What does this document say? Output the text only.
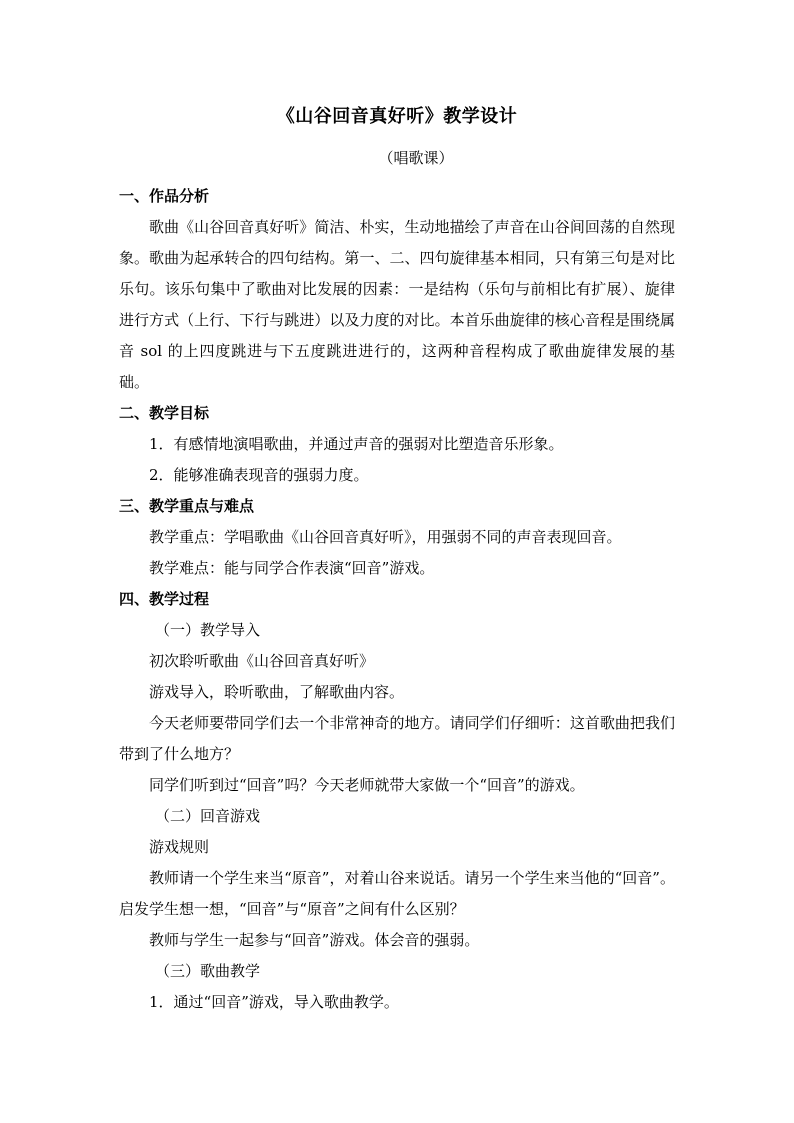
《山谷回音真好听》教学设计
（唱歌课）
一、作品分析
歌曲《山谷回音真好听》简洁、朴实，生动地描绘了声音在山谷间回荡的自然现象。歌曲为起承转合的四句结构。第一、二、四句旋律基本相同，只有第三句是对比乐句。该乐句集中了歌曲对比发展的因素：一是结构（乐句与前相比有扩展）、旋律进行方式（上行、下行与跳进）以及力度的对比。本首乐曲旋律的核心音程是围绕属音 sol 的上四度跳进与下五度跳进进行的，这两种音程构成了歌曲旋律发展的基础。
二、教学目标
1．有感情地演唱歌曲，并通过声音的强弱对比塑造音乐形象。
2．能够准确表现音的强弱力度。
三、教学重点与难点
教学重点：学唱歌曲《山谷回音真好听》，用强弱不同的声音表现回音。
教学难点：能与同学合作表演“回音”游戏。
四、教学过程
（一）教学导入
初次聆听歌曲《山谷回音真好听》
游戏导入，聆听歌曲，了解歌曲内容。
今天老师要带同学们去一个非常神奇的地方。请同学们仔细听：这首歌曲把我们带到了什么地方？
同学们听到过“回音”吗？今天老师就带大家做一个“回音”的游戏。
（二）回音游戏
游戏规则
教师请一个学生来当“原音”，对着山谷来说话。请另一个学生来当他的“回音”。启发学生想一想，“回音”与“原音”之间有什么区别？
教师与学生一起参与“回音”游戏。体会音的强弱。
（三）歌曲教学
1．通过“回音”游戏，导入歌曲教学。
